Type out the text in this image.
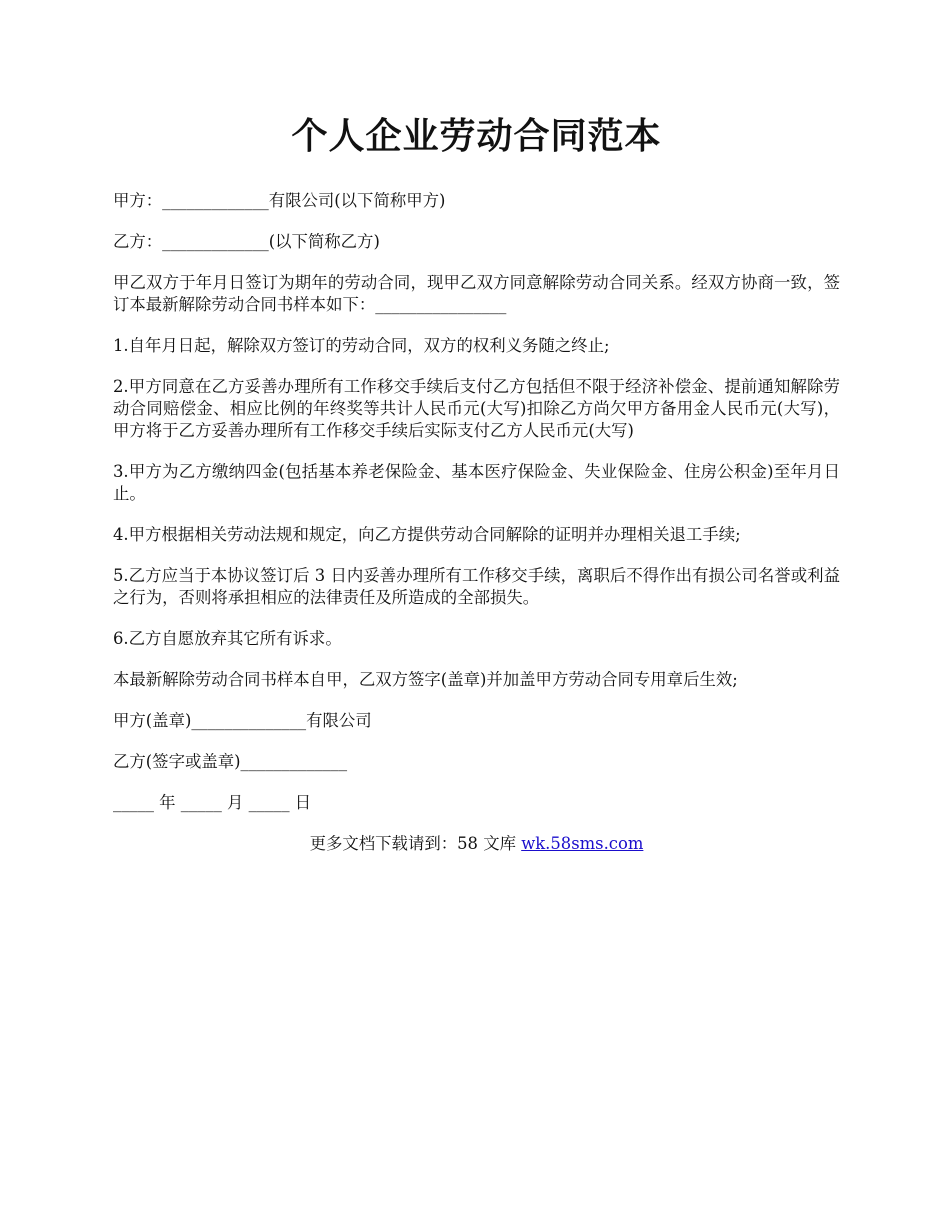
个人企业劳动合同范本

甲方：_____________有限公司(以下简称甲方)

乙方：_____________(以下简称乙方)

甲乙双方于年月日签订为期年的劳动合同，现甲乙双方同意解除劳动合同关系。经双方协商一致，签订本最新解除劳动合同书样本如下：________________

1.自年月日起，解除双方签订的劳动合同，双方的权利义务随之终止;

2.甲方同意在乙方妥善办理所有工作移交手续后支付乙方包括但不限于经济补偿金、提前通知解除劳动合同赔偿金、相应比例的年终奖等共计人民币元(大写)扣除乙方尚欠甲方备用金人民币元(大写)，甲方将于乙方妥善办理所有工作移交手续后实际支付乙方人民币元(大写)

3.甲方为乙方缴纳四金(包括基本养老保险金、基本医疗保险金、失业保险金、住房公积金)至年月日止。

4.甲方根据相关劳动法规和规定，向乙方提供劳动合同解除的证明并办理相关退工手续;

5.乙方应当于本协议签订后 3 日内妥善办理所有工作移交手续，离职后不得作出有损公司名誉或利益之行为，否则将承担相应的法律责任及所造成的全部损失。

6.乙方自愿放弃其它所有诉求。

本最新解除劳动合同书样本自甲，乙双方签字(盖章)并加盖甲方劳动合同专用章后生效;

甲方(盖章)______________有限公司

乙方(签字或盖章)_____________

_____ 年 _____ 月 _____ 日

更多文档下载请到：58 文库 wk.58sms.com
